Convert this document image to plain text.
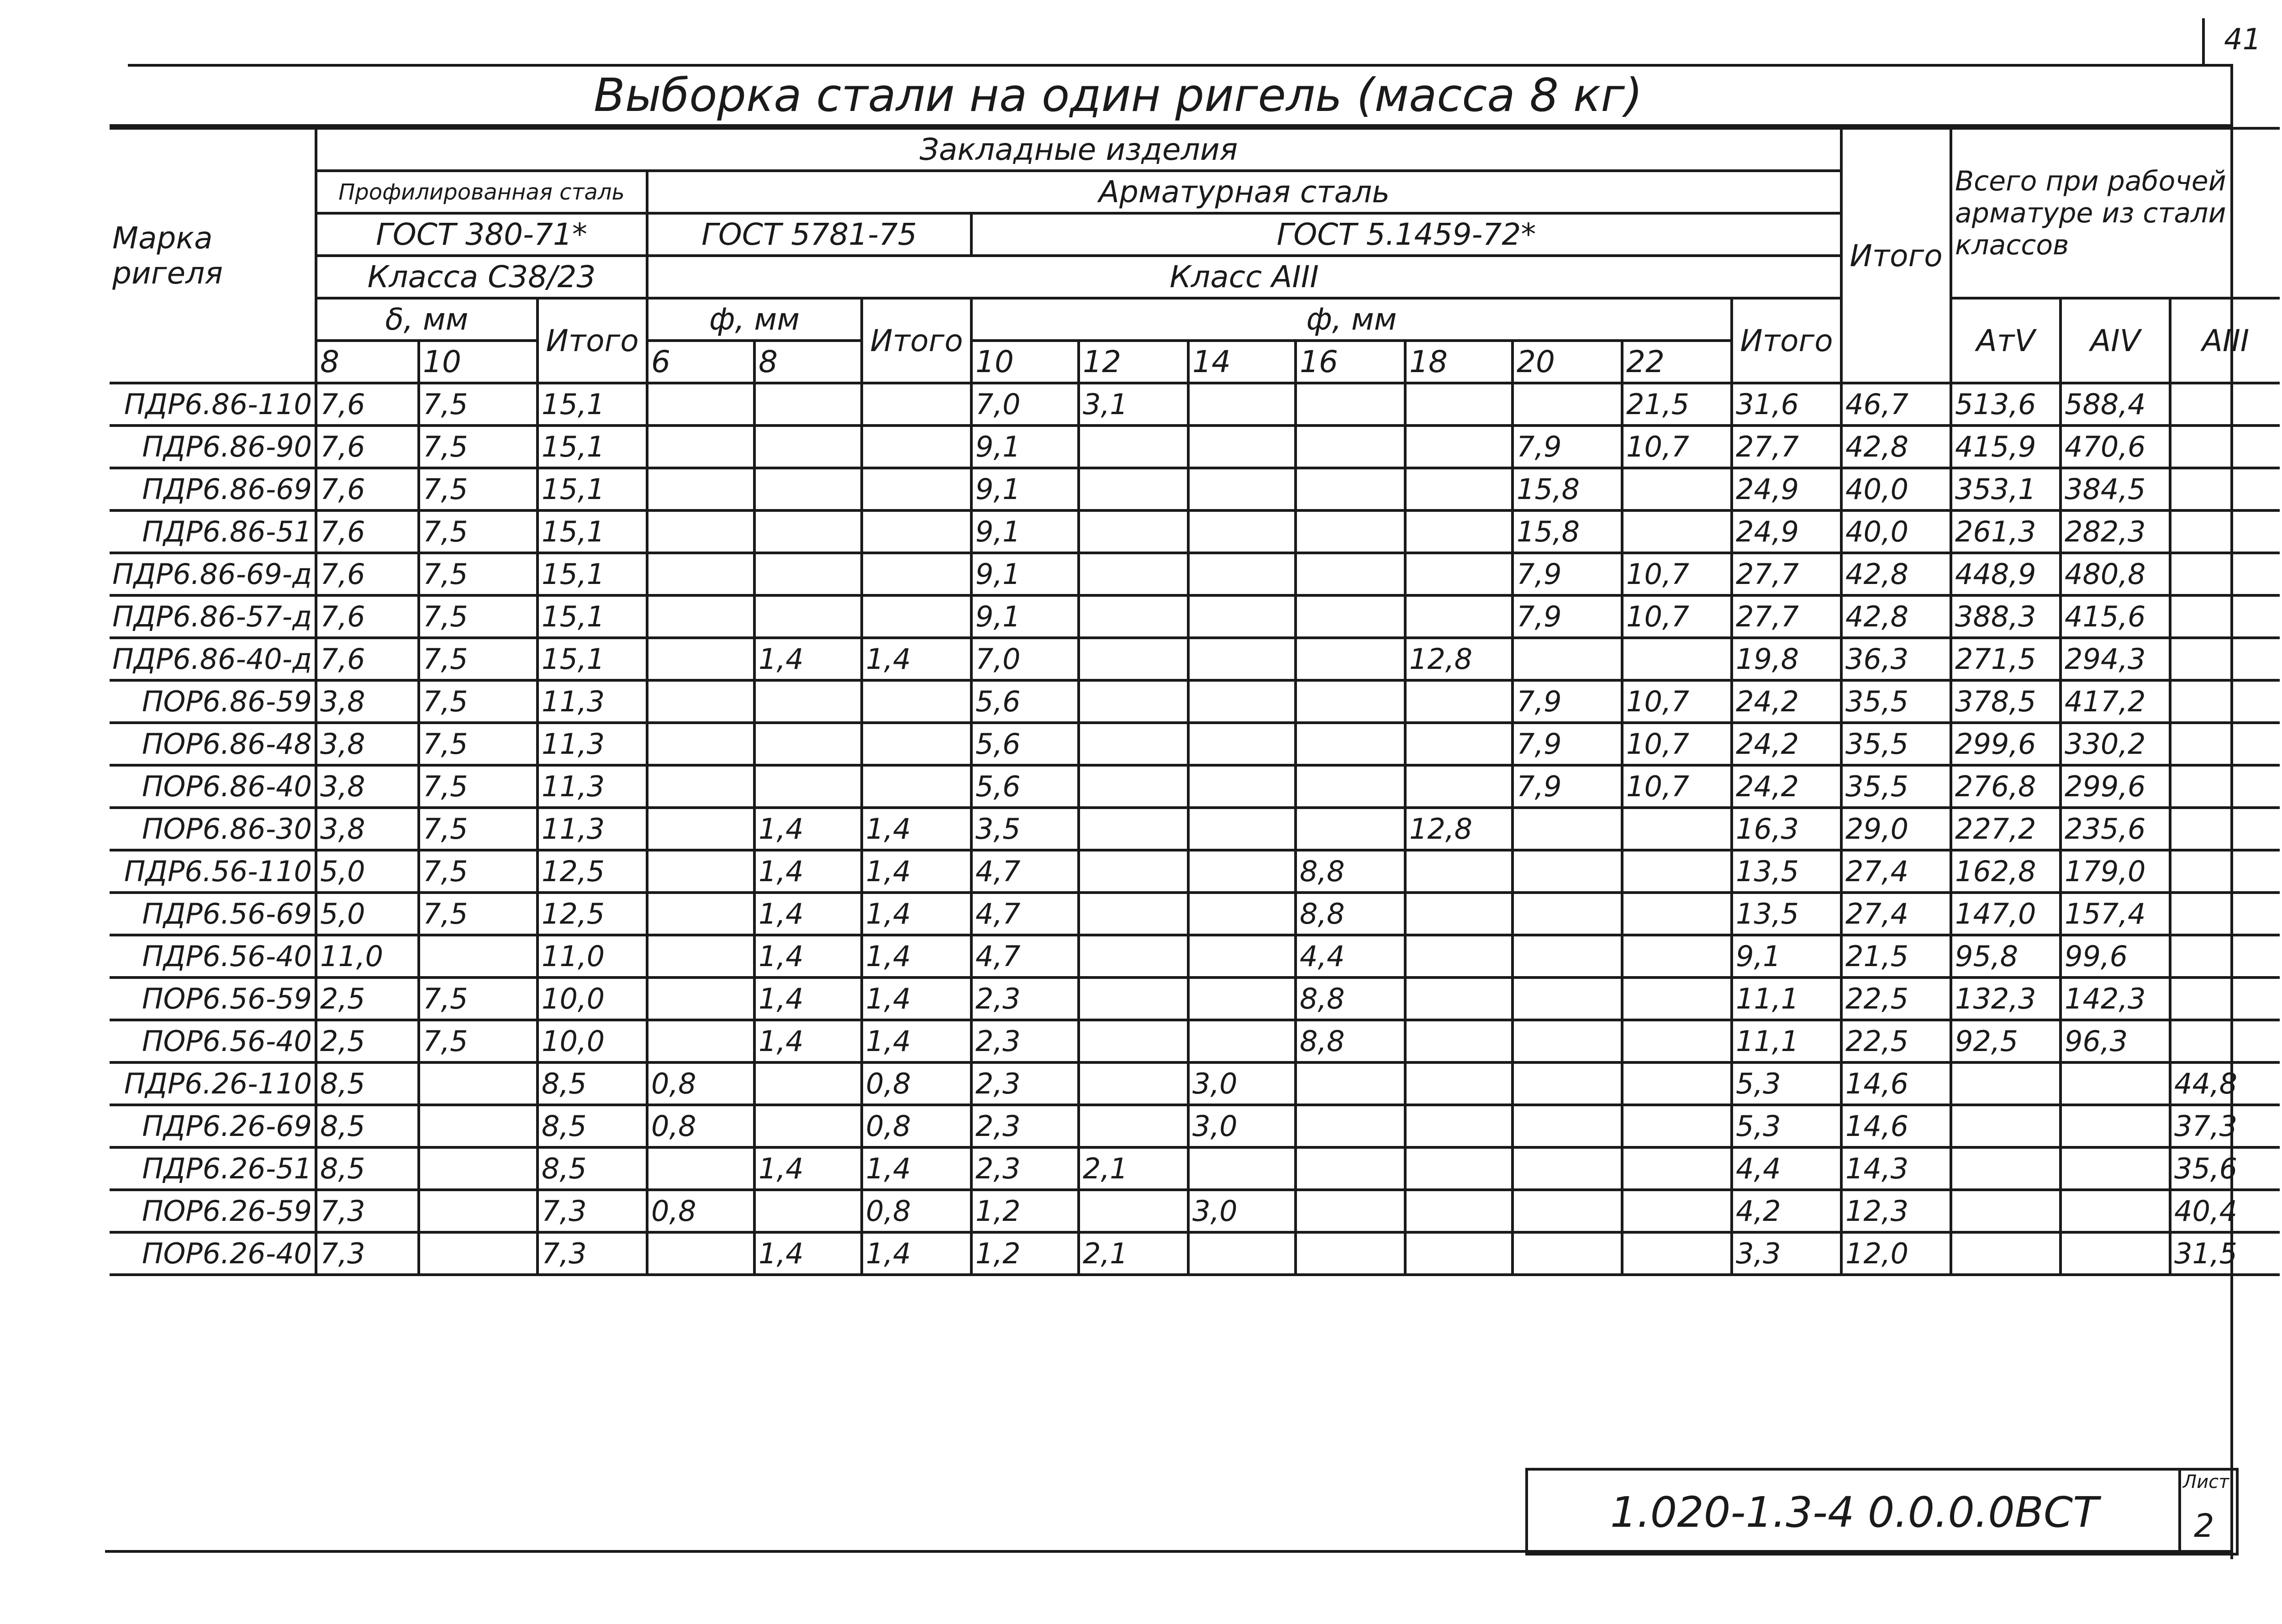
41
Выборка стали на один ригель (масса 8 кг)
Марка ригеля	Закладные изделия														Итого	Всего при рабочей арматуре из стали классов		
	Профилированная сталь			Арматурная сталь														
	ГОСТ 380-71*			ГОСТ 5781-75			ГОСТ 5.1459-72*											
	Класса С38/23			Класс АIII														
	δ, мм		Итого	ф, мм		Итого	ф, мм							Итого		АтV	АIV	АIII
	8	10		6	8		10	12	14	16	18	20	22					
ПДР6.86-110	7,6	7,5	15,1				7,0	3,1					21,5	31,6	46,7	513,6	588,4	
ПДР6.86-90	7,6	7,5	15,1				9,1					7,9	10,7	27,7	42,8	415,9	470,6	
ПДР6.86-69	7,6	7,5	15,1				9,1					15,8		24,9	40,0	353,1	384,5	
ПДР6.86-51	7,6	7,5	15,1				9,1					15,8		24,9	40,0	261,3	282,3	
ПДР6.86-69-д	7,6	7,5	15,1				9,1					7,9	10,7	27,7	42,8	448,9	480,8	
ПДР6.86-57-д	7,6	7,5	15,1				9,1					7,9	10,7	27,7	42,8	388,3	415,6	
ПДР6.86-40-д	7,6	7,5	15,1		1,4	1,4	7,0				12,8			19,8	36,3	271,5	294,3	
ПОР6.86-59	3,8	7,5	11,3				5,6					7,9	10,7	24,2	35,5	378,5	417,2	
ПОР6.86-48	3,8	7,5	11,3				5,6					7,9	10,7	24,2	35,5	299,6	330,2	
ПОР6.86-40	3,8	7,5	11,3				5,6					7,9	10,7	24,2	35,5	276,8	299,6	
ПОР6.86-30	3,8	7,5	11,3		1,4	1,4	3,5				12,8			16,3	29,0	227,2	235,6	
ПДР6.56-110	5,0	7,5	12,5		1,4	1,4	4,7			8,8				13,5	27,4	162,8	179,0	
ПДР6.56-69	5,0	7,5	12,5		1,4	1,4	4,7			8,8				13,5	27,4	147,0	157,4	
ПДР6.56-40	11,0		11,0		1,4	1,4	4,7			4,4				9,1	21,5	95,8	99,6	
ПОР6.56-59	2,5	7,5	10,0		1,4	1,4	2,3			8,8				11,1	22,5	132,3	142,3	
ПОР6.56-40	2,5	7,5	10,0		1,4	1,4	2,3			8,8				11,1	22,5	92,5	96,3	
ПДР6.26-110	8,5		8,5	0,8		0,8	2,3		3,0					5,3	14,6			44,8
ПДР6.26-69	8,5		8,5	0,8		0,8	2,3		3,0					5,3	14,6			37,3
ПДР6.26-51	8,5		8,5		1,4	1,4	2,3	2,1						4,4	14,3			35,6
ПОР6.26-59	7,3		7,3	0,8		0,8	1,2		3,0					4,2	12,3			40,4
ПОР6.26-40	7,3		7,3		1,4	1,4	1,2	2,1						3,3	12,0			31,5
1.020-1.3-4 0.0.0.0ВСТ
Лист
2
